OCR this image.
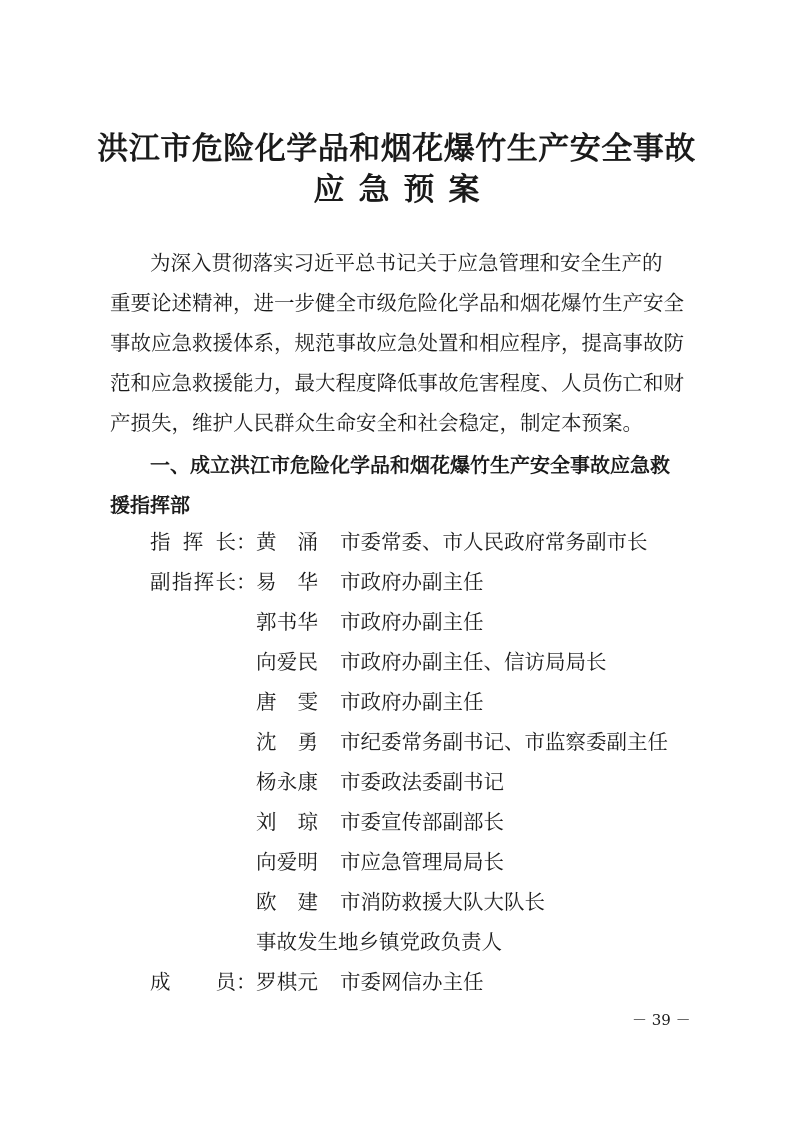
洪江市危险化学品和烟花爆竹生产安全事故
应急预案
为深入贯彻落实习近平总书记关于应急管理和安全生产的
重要论述精神，进一步健全市级危险化学品和烟花爆竹生产安全
事故应急救援体系，规范事故应急处置和相应程序，提高事故防
范和应急救援能力，最大程度降低事故危害程度、人员伤亡和财
产损失，维护人民群众生命安全和社会稳定，制定本预案。
一、成立洪江市危险化学品和烟花爆竹生产安全事故应急救
援指挥部
指 挥 长 ： 黄 涌 市委常委、市人民政府常务副市长
副 指 挥 长 ： 易 华 市政府办副主任
郭 书 华 市政府办副主任
向 爱 民 市政府办副主任、信访局局长
唐 雯 市政府办副主任
沈 勇 市纪委常务副书记、市监察委副主任
杨 永 康 市委政法委副书记
刘 琼 市委宣传部副部长
向 爱 明 市应急管理局局长
欧 建 市消防救援大队大队长
事故发生地乡镇党政负责人
成 员 ： 罗 棋 元 市委网信办主任
－ 39 －
